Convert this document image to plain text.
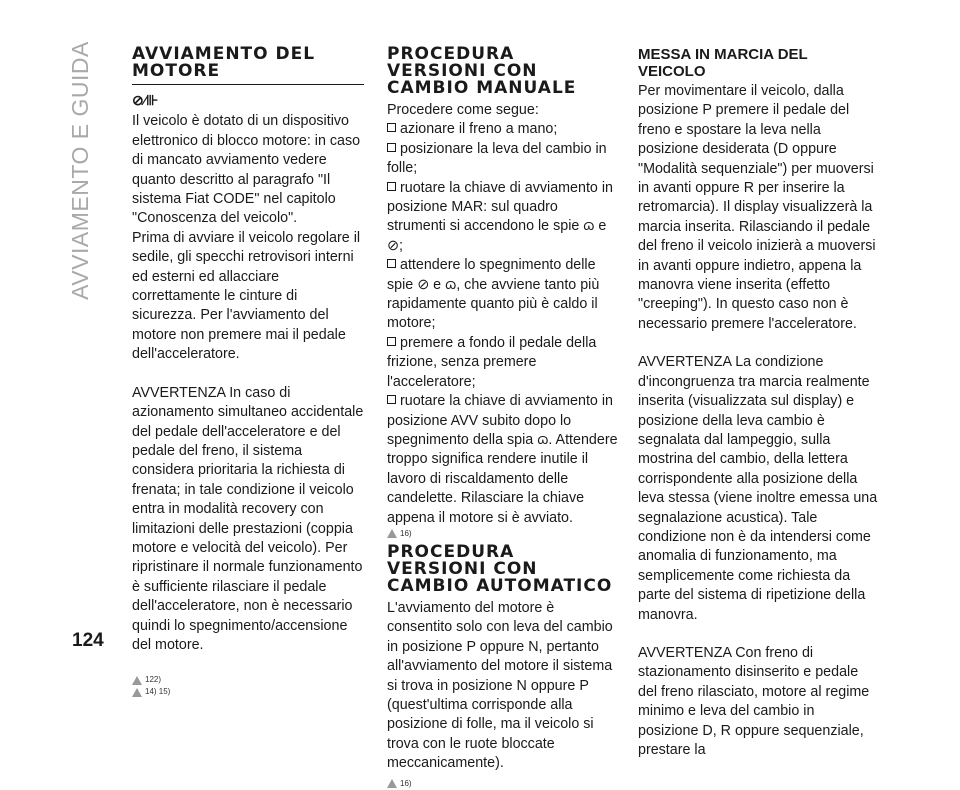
AVVIAMENTO E GUIDA
124
AVVIAMENTO DEL MOTORE
⊘⁄⊪

Il veicolo è dotato di un dispositivo elettronico di blocco motore: in caso di mancato avviamento vedere quanto descritto al paragrafo "Il sistema Fiat CODE" nel capitolo "Conoscenza del veicolo".

Prima di avviare il veicolo regolare il sedile, gli specchi retrovisori interni ed esterni ed allacciare correttamente le cinture di sicurezza. Per l'avviamento del motore non premere mai il pedale dell'acceleratore.

AVVERTENZA In caso di azionamento simultaneo accidentale del pedale dell'acceleratore e del pedale del freno, il sistema considera prioritaria la richiesta di frenata; in tale condizione il veicolo entra in modalità recovery con limitazioni delle prestazioni (coppia motore e velocità del veicolo). Per ripristinare il normale funzionamento è sufficiente rilasciare il pedale dell'acceleratore, non è necessario quindi lo spegnimento/accensione del motore.

122)
14) 15)
PROCEDURA VERSIONI CON CAMBIO MANUALE

Procedere come segue:

azionare il freno a mano;
posizionare la leva del cambio in folle;
ruotare la chiave di avviamento in posizione MAR: sul quadro strumenti si accendono le spie ɷ e ⊘;
attendere lo spegnimento delle spie ⊘ e ɷ, che avviene tanto più rapidamente quanto più è caldo il motore;
premere a fondo il pedale della frizione, senza premere l'acceleratore;
ruotare la chiave di avviamento in posizione AVV subito dopo lo spegnimento della spia ɷ. Attendere troppo significa rendere inutile il lavoro di riscaldamento delle candelette. Rilasciare la chiave appena il motore si è avviato.
16)
PROCEDURA VERSIONI CON CAMBIO AUTOMATICO

L'avviamento del motore è consentito solo con leva del cambio in posizione P oppure N, pertanto all'avviamento del motore il sistema si trova in posizione N oppure P (quest'ultima corrisponde alla posizione di folle, ma il veicolo si trova con le ruote bloccate meccanicamente).

16)
MESSA IN MARCIA DEL VEICOLO

Per movimentare il veicolo, dalla posizione P premere il pedale del freno e spostare la leva nella posizione desiderata (D oppure "Modalità sequenziale") per muoversi in avanti oppure R per inserire la retromarcia). Il display visualizzerà la marcia inserita. Rilasciando il pedale del freno il veicolo inizierà a muoversi in avanti oppure indietro, appena la manovra viene inserita (effetto "creeping"). In questo caso non è necessario premere l'acceleratore.

AVVERTENZA La condizione d'incongruenza tra marcia realmente inserita (visualizzata sul display) e posizione della leva cambio è segnalata dal lampeggio, sulla mostrina del cambio, della lettera corrispondente alla posizione della leva stessa (viene inoltre emessa una segnalazione acustica). Tale condizione non è da intendersi come anomalia di funzionamento, ma semplicemente come richiesta da parte del sistema di ripetizione della manovra.

AVVERTENZA Con freno di stazionamento disinserito e pedale del freno rilasciato, motore al regime minimo e leva del cambio in posizione D, R oppure sequenziale, prestare la
